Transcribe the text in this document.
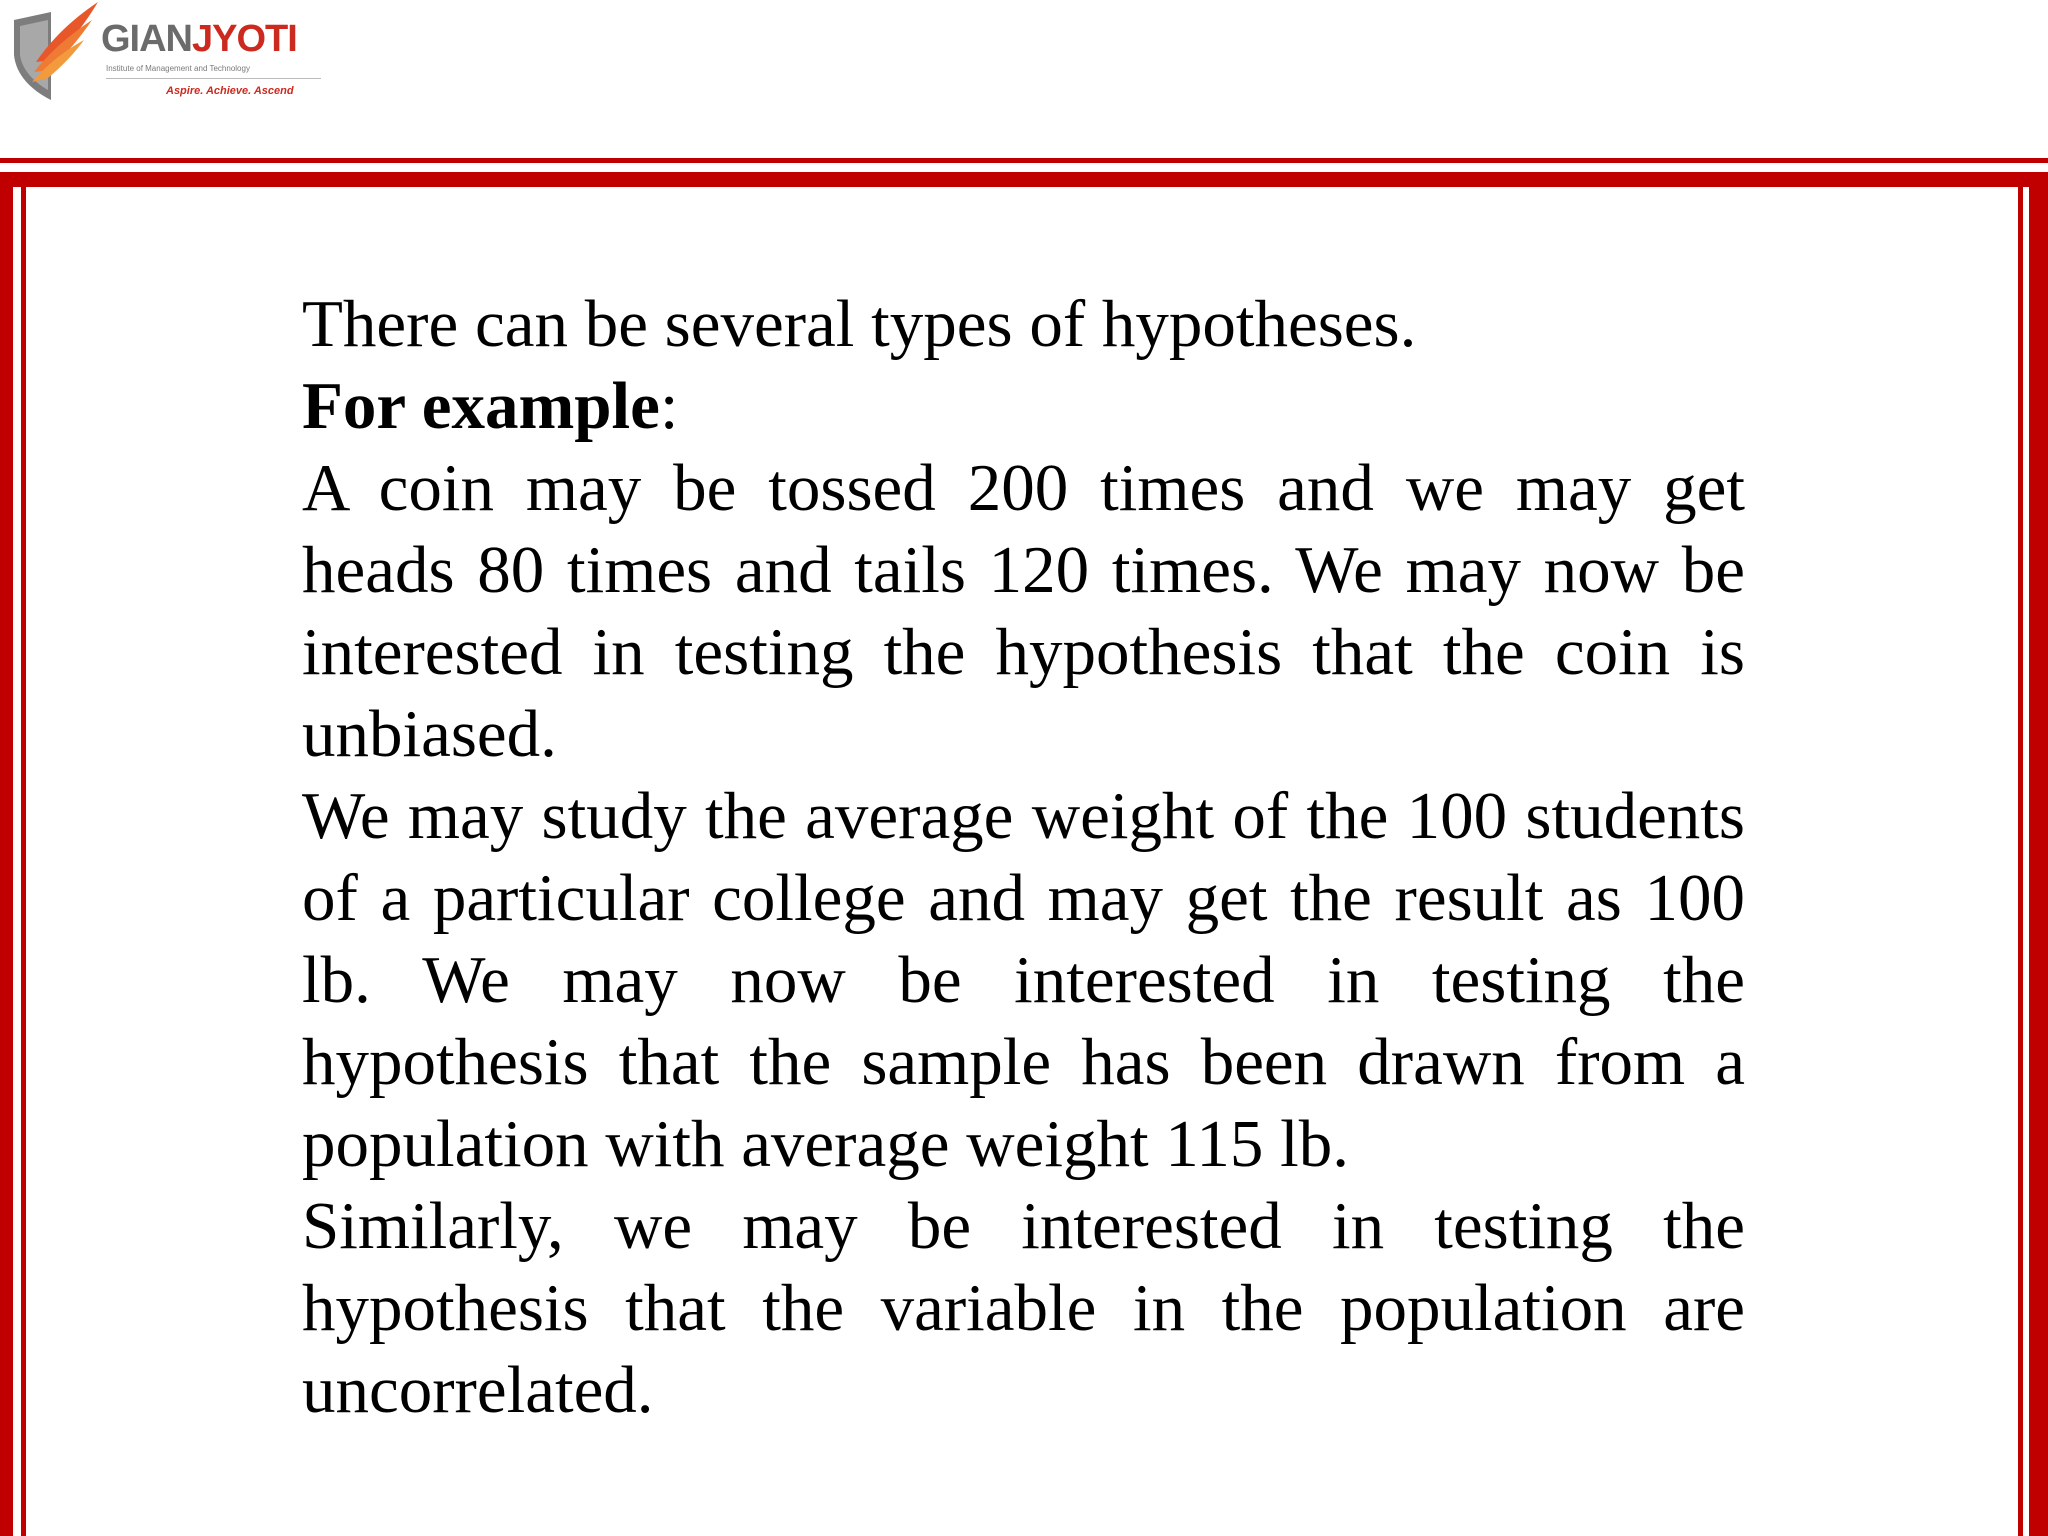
GIANJYOTI
Institute of Management and Technology
Aspire. Achieve. Ascend

There can be several types of hypotheses.

For example:

A coin may be tossed 200 times and we may get heads 80 times and tails 120 times. We may now be interested in testing the hypothesis that the coin is unbiased.

We may study the average weight of the 100 students of a particular college and may get the result as 100 lb. We may now be interested in testing the hypothesis that the sample has been drawn from a population with average weight 115 lb.

Similarly, we may be interested in testing the hypothesis that the variable in the population are uncorrelated.
